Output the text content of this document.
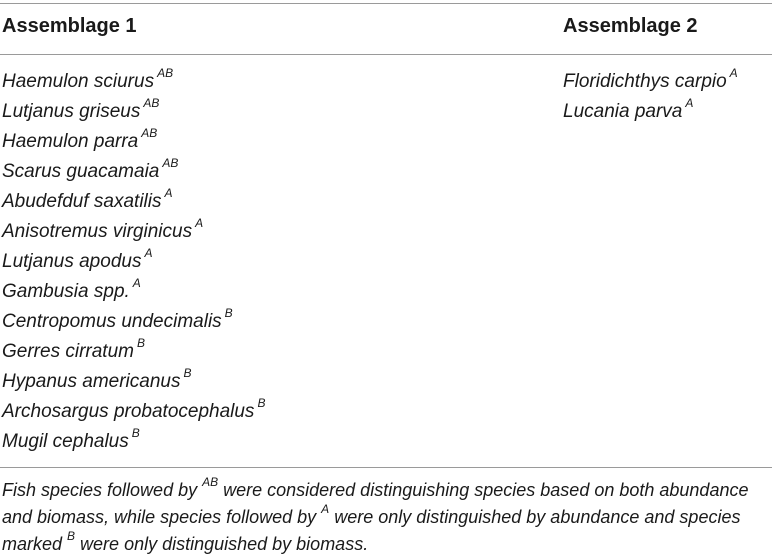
Assemblage 1	Assemblage 2
Haemulon sciurus $^{AB}$
Lutjanus griseus $^{AB}$
Haemulon parra $^{AB}$
Scarus guacamaia $^{AB}$
Abudefduf saxatilis $^A$
Anisotremus virginicus $^A$
Lutjanus apodus $^A$
Gambusia spp. $^A$
Centropomus undecimalis $^B$
Gerres cirratum $^B$
Hypanus americanus $^B$
Archosargus probatocephalus $^B$
Mugil cephalus $^B$
Floridichthys carpio $^A$
Lucania parva $^A$
Fish species followed by $^{AB}$ were considered distinguishing species based on both abundance and biomass, while species followed by $^A$ were only distinguished by abundance and species marked $^B$ were only distinguished by biomass.
